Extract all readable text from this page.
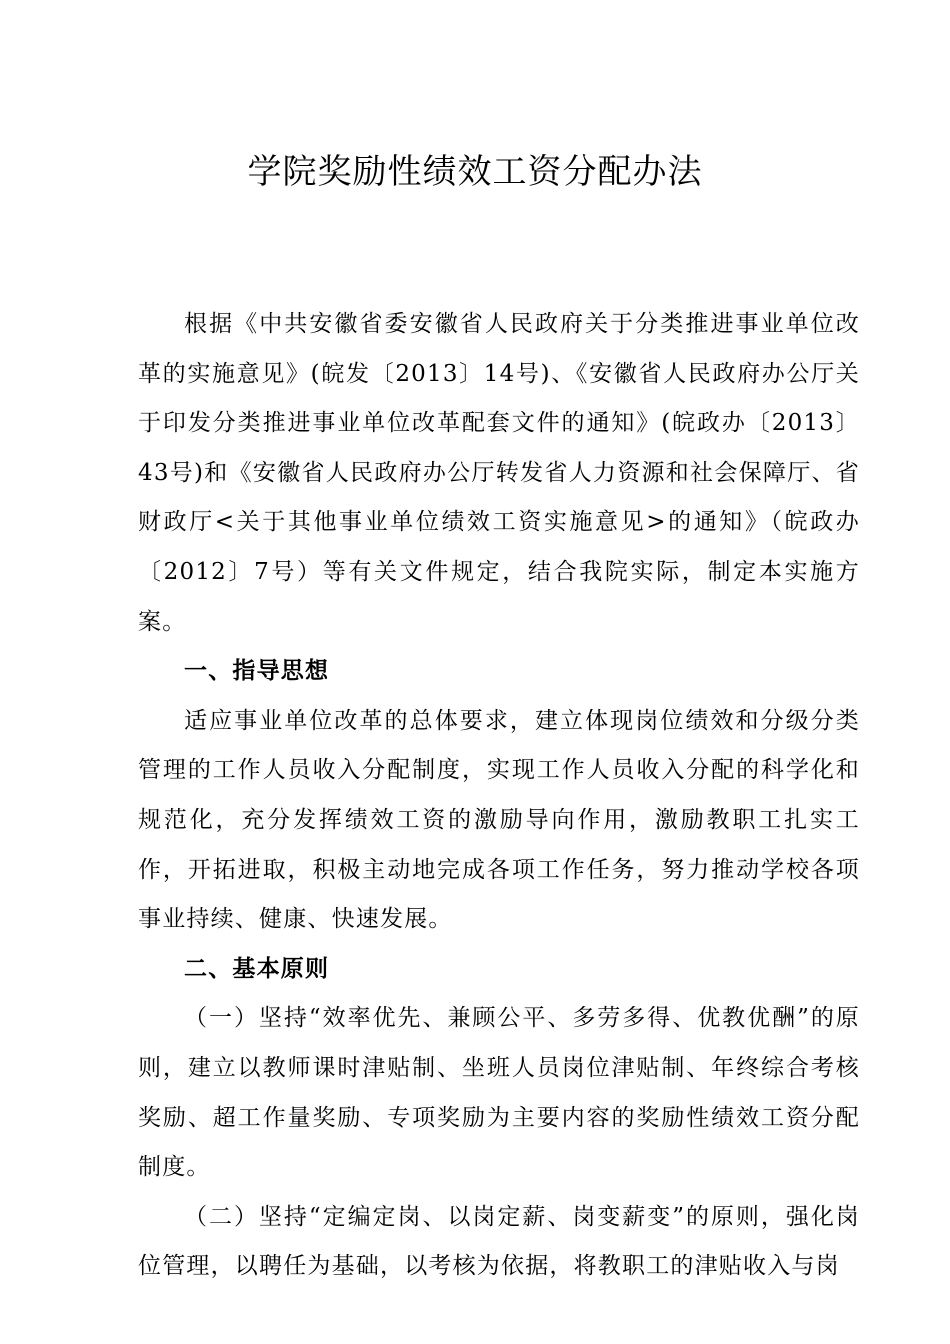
学院奖励性绩效工资分配办法

根据《中共安徽省委安徽省人民政府关于分类推进事业单位改革的实施意见》(皖发〔2013〕14号)、《安徽省人民政府办公厅关于印发分类推进事业单位改革配套文件的通知》(皖政办〔2013〕43号)和《安徽省人民政府办公厅转发省人力资源和社会保障厅、省财政厅<关于其他事业单位绩效工资实施意见>的通知》（皖政办〔2012〕7号）等有关文件规定，结合我院实际，制定本实施方案。

一、指导思想

适应事业单位改革的总体要求，建立体现岗位绩效和分级分类管理的工作人员收入分配制度，实现工作人员收入分配的科学化和规范化，充分发挥绩效工资的激励导向作用，激励教职工扎实工作，开拓进取，积极主动地完成各项工作任务，努力推动学校各项事业持续、健康、快速发展。

二、基本原则

（一）坚持“效率优先、兼顾公平、多劳多得、优教优酬”的原则，建立以教师课时津贴制、坐班人员岗位津贴制、年终综合考核奖励、超工作量奖励、专项奖励为主要内容的奖励性绩效工资分配制度。

（二）坚持“定编定岗、以岗定薪、岗变薪变”的原则，强化岗位管理，以聘任为基础，以考核为依据，将教职工的津贴收入与岗
